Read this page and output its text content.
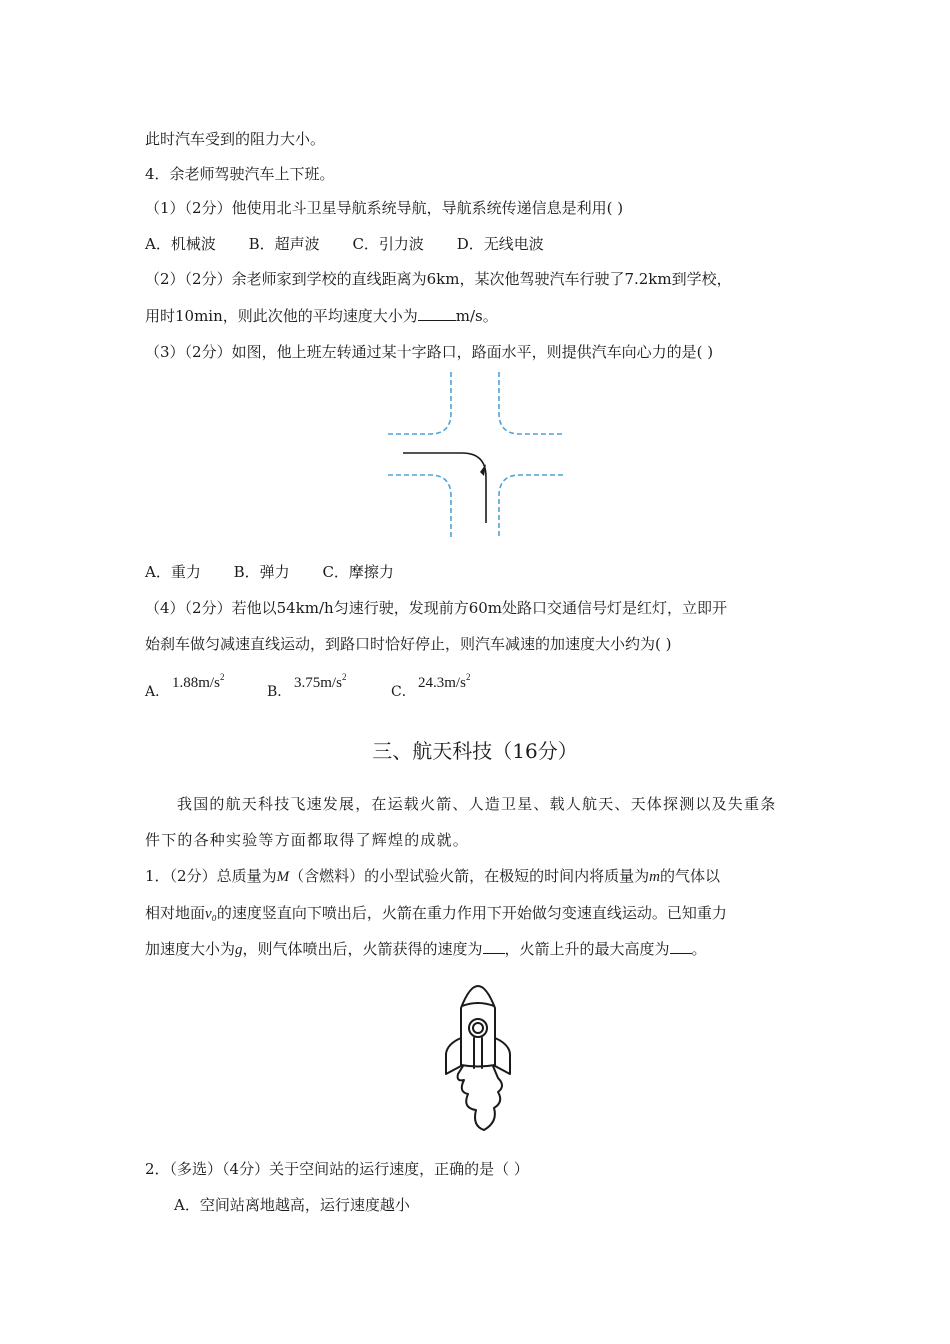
此时汽车受到的阻力大小。
4．余老师驾驶汽车上下班。
（1）（2分）他使用北斗卫星导航系统导航，导航系统传递信息是利用( )
A．机械波 B．超声波 C．引力波 D．无线电波
（2）（2分）余老师家到学校的直线距离为6km，某次他驾驶汽车行驶了7.2km到学校，
用时10min，则此次他的平均速度大小为	m/s。
（3）（2分）如图，他上班左转通过某十字路口，路面水平，则提供汽车向心力的是( )
A．重力 B．弹力 C．摩擦力
（4）（2分）若他以54km/h匀速行驶，发现前方60m处路口交通信号灯是红灯，立即开
始刹车做匀减速直线运动，到路口时恰好停止，则汽车减速的加速度大小约为( )
A．
$1.88m/s^2$
B．
$3.75m/s^2$
C．
$24.3m/s^2$
三、航天科技（16分）
我国的航天科技飞速发展，在运载火箭、人造卫星、载人航天、天体探测以及失重条
件下的各种实验等方面都取得了辉煌的成就。
1．（2分）总质量为M（含燃料）的小型试验火箭，在极短的时间内将质量为m的气体以
相对地面v₀的速度竖直向下喷出后，火箭在重力作用下开始做匀变速直线运动。已知重力
加速度大小为g，则气体喷出后，火箭获得的速度为 ，火箭上升的最大高度为 。
2．（多选）（4分）关于空间站的运行速度，正确的是（ ）
A．空间站离地越高，运行速度越小
